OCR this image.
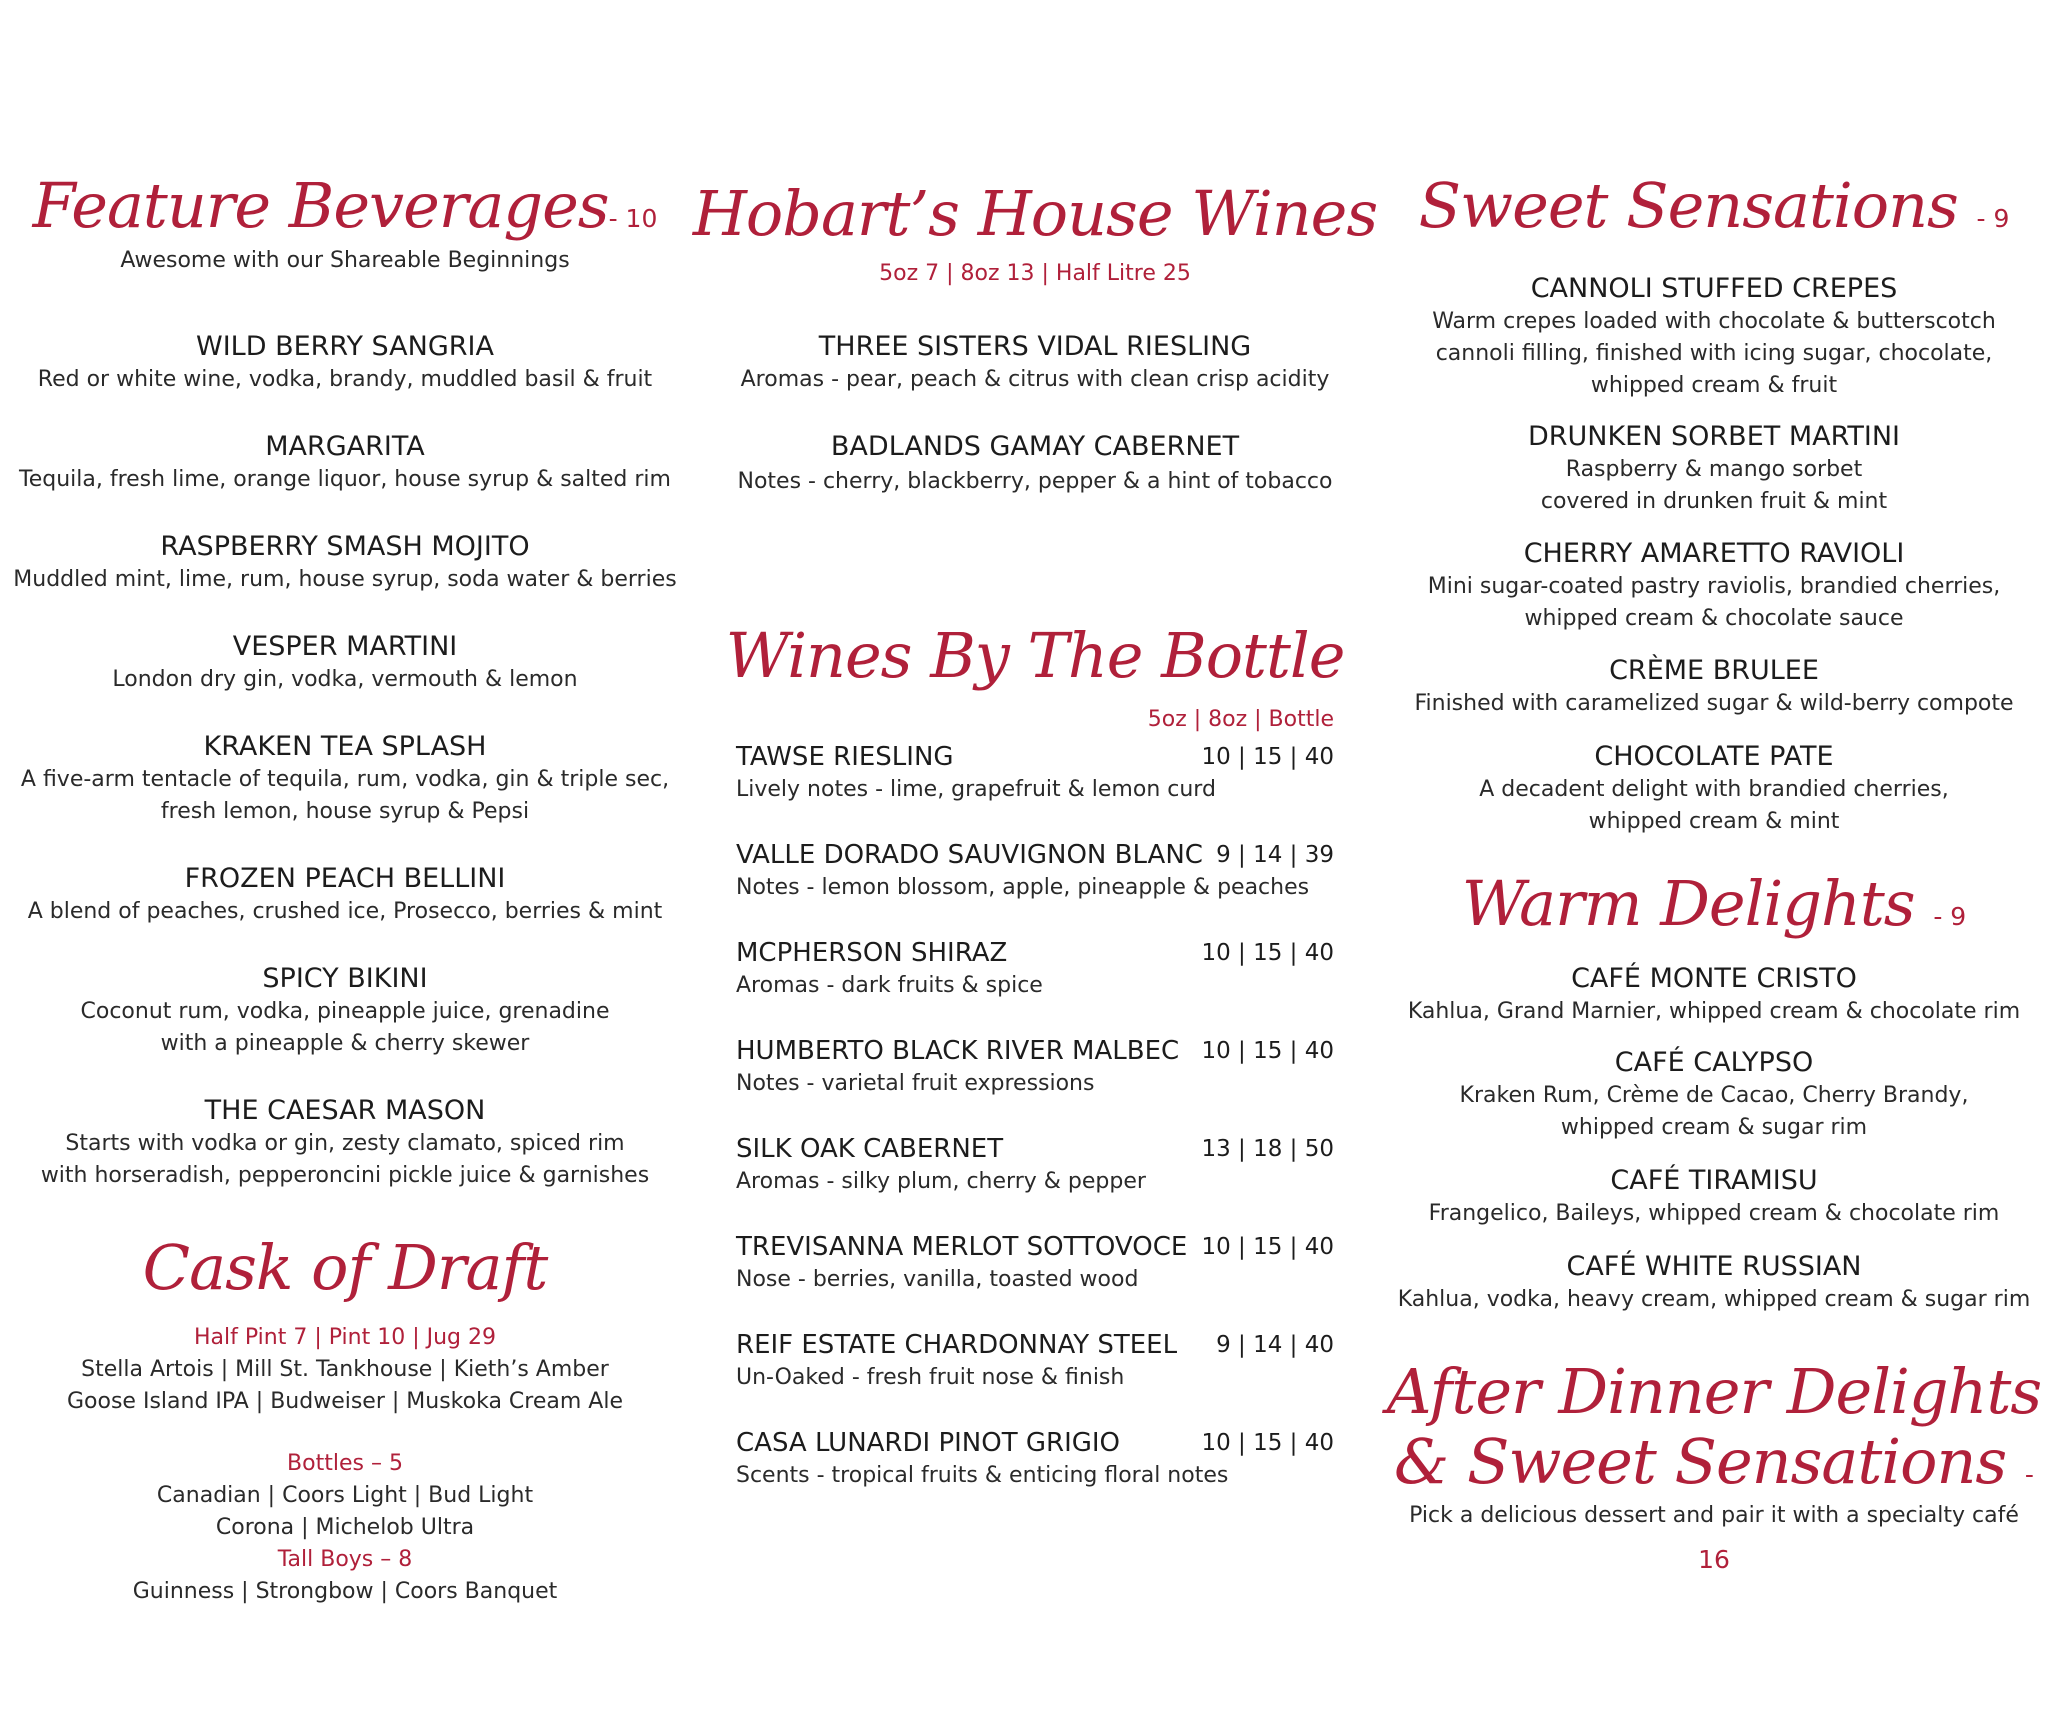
Feature Beverages- 10
Awesome with our Shareable Beginnings
WILD BERRY SANGRIA
Red or white wine, vodka, brandy, muddled basil & fruit
MARGARITA
Tequila, fresh lime, orange liquor, house syrup & salted rim
RASPBERRY SMASH MOJITO
Muddled mint, lime, rum, house syrup, soda water & berries
VESPER MARTINI
London dry gin, vodka, vermouth & lemon
KRAKEN TEA SPLASH
A five-arm tentacle of tequila, rum, vodka, gin & triple sec,
fresh lemon, house syrup & Pepsi
FROZEN PEACH BELLINI
A blend of peaches, crushed ice, Prosecco, berries & mint
SPICY BIKINI
Coconut rum, vodka, pineapple juice, grenadine
with a pineapple & cherry skewer
THE CAESAR MASON
Starts with vodka or gin, zesty clamato, spiced rim
with horseradish, pepperoncini pickle juice & garnishes
Cask of Draft
Half Pint 7 | Pint 10 | Jug 29
Stella Artois | Mill St. Tankhouse | Kieth’s Amber
Goose Island IPA | Budweiser | Muskoka Cream Ale
Bottles – 5
Canadian | Coors Light | Bud Light
Corona | Michelob Ultra
Tall Boys – 8
Guinness | Strongbow | Coors Banquet
Hobart’s House Wines
5oz 7 | 8oz 13 | Half Litre 25
THREE SISTERS VIDAL RIESLING
Aromas - pear, peach & citrus with clean crisp acidity
BADLANDS GAMAY CABERNET
Notes - cherry, blackberry, pepper & a hint of tobacco
Wines By The Bottle
5oz | 8oz | Bottle
TAWSE RIESLING	10 | 15 | 40
Lively notes - lime, grapefruit & lemon curd
VALLE DORADO SAUVIGNON BLANC 9 | 14 | 39
Notes - lemon blossom, apple, pineapple & peaches
MCPHERSON SHIRAZ	10 | 15 | 40
Aromas - dark fruits & spice
HUMBERTO BLACK RIVER MALBEC 10 | 15 | 40
Notes - varietal fruit expressions
SILK OAK CABERNET	13 | 18 | 50
Aromas - silky plum, cherry & pepper
TREVISANNA MERLOT SOTTOVOCE 10 | 15 | 40
Nose - berries, vanilla, toasted wood
REIF ESTATE CHARDONNAY STEEL	9 | 14 | 40
Un-Oaked - fresh fruit nose & finish
CASA LUNARDI PINOT GRIGIO	10 | 15 | 40
Scents - tropical fruits & enticing floral notes
Sweet Sensations - 9
CANNOLI STUFFED CREPES
Warm crepes loaded with chocolate & butterscotch
cannoli filling, finished with icing sugar, chocolate,
whipped cream & fruit
DRUNKEN SORBET MARTINI
Raspberry & mango sorbet
covered in drunken fruit & mint
CHERRY AMARETTO RAVIOLI
Mini sugar-coated pastry raviolis, brandied cherries,
whipped cream & chocolate sauce
CRÈME BRULEE
Finished with caramelized sugar & wild-berry compote
CHOCOLATE PATE
A decadent delight with brandied cherries,
whipped cream & mint
Warm Delights - 9
CAFÉ MONTE CRISTO
Kahlua, Grand Marnier, whipped cream & chocolate rim
CAFÉ CALYPSO
Kraken Rum, Crème de Cacao, Cherry Brandy,
whipped cream & sugar rim
CAFÉ TIRAMISU
Frangelico, Baileys, whipped cream & chocolate rim
CAFÉ WHITE RUSSIAN
Kahlua, vodka, heavy cream, whipped cream & sugar rim
After Dinner Delights
& Sweet Sensations - 16
Pick a delicious dessert and pair it with a specialty café
